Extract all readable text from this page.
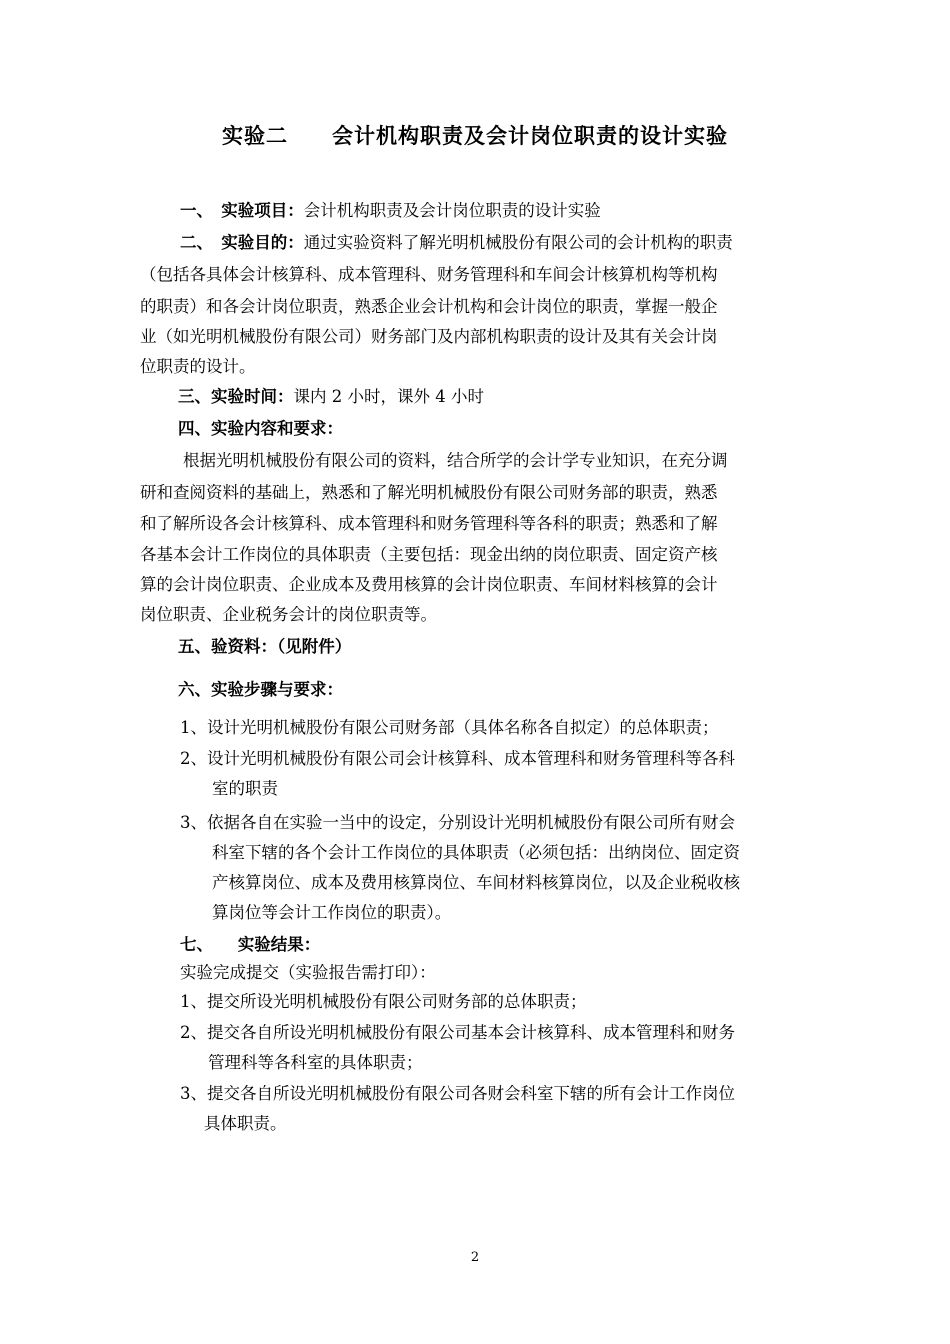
实验二　　会计机构职责及会计岗位职责的设计实验
一、　实验项目：会计机构职责及会计岗位职责的设计实验
二、　实验目的：通过实验资料了解光明机械股份有限公司的会计机构的职责
（包括各具体会计核算科、成本管理科、财务管理科和车间会计核算机构等机构
的职责）和各会计岗位职责，熟悉企业会计机构和会计岗位的职责，掌握一般企
业（如光明机械股份有限公司）财务部门及内部机构职责的设计及其有关会计岗
位职责的设计。
三、实验时间：课内 2 小时，课外 4 小时
四、实验内容和要求：
根据光明机械股份有限公司的资料，结合所学的会计学专业知识，在充分调
研和查阅资料的基础上，熟悉和了解光明机械股份有限公司财务部的职责，熟悉
和了解所设各会计核算科、成本管理科和财务管理科等各科的职责；熟悉和了解
各基本会计工作岗位的具体职责（主要包括：现金出纳的岗位职责、固定资产核
算的会计岗位职责、企业成本及费用核算的会计岗位职责、车间材料核算的会计
岗位职责、企业税务会计的岗位职责等。
五、验资料：（见附件）
六、实验步骤与要求：
1、设计光明机械股份有限公司财务部（具体名称各自拟定）的总体职责；
2、设计光明机械股份有限公司会计核算科、成本管理科和财务管理科等各科
室的职责
3、依据各自在实验一当中的设定，分别设计光明机械股份有限公司所有财会
科室下辖的各个会计工作岗位的具体职责（必须包括：出纳岗位、固定资
产核算岗位、成本及费用核算岗位、车间材料核算岗位，以及企业税收核
算岗位等会计工作岗位的职责）。
七、　　实验结果：
实验完成提交（实验报告需打印）：
1、提交所设光明机械股份有限公司财务部的总体职责；
2、提交各自所设光明机械股份有限公司基本会计核算科、成本管理科和财务
管理科等各科室的具体职责；
3、提交各自所设光明机械股份有限公司各财会科室下辖的所有会计工作岗位
具体职责。
2
